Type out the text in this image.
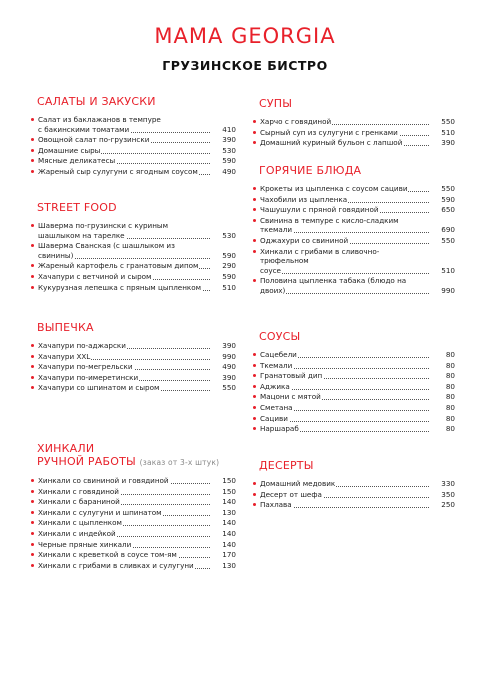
MAMA GEORGIA
ГРУЗИНСКОЕ БИСТРО
САЛАТЫ И ЗАКУСКИ
Салат из баклажанов в темпуре
с бакинскими томатами	410
Овощной салат по-грузински	390
Домашние сыры	530
Мясные деликатесы	590
Жареный сыр сулугуни с ягодным соусом	490
STREET FOOD
Шаверма по-грузински с куриным
шашлыком на тарелке	530
Шаверма Сванская (с шашлыком из
свинины)	590
Жареный картофель с гранатовым дипом	290
Хачапури с ветчиной и сыром	590
Кукурузная лепешка с пряным цыпленком	510
ВЫПЕЧКА
Хачапури по-аджарски	390
Хачапури XXL	990
Хачапури по-мегрельски	490
Хачапури по-имеретински	390
Хачапури со шпинатом и сыром	550
ХИНКАЛИ
РУЧНОЙ РАБОТЫ (заказ от 3-х штук)
Хинкали со свининой и говядиной	150
Хинкали с говядиной	150
Хинкали с бараниной	140
Хинкали с сулугуни и шпинатом	130
Хинкали с цыпленком	140
Хинкали с индейкой	140
Черные пряные хинкали	140
Хинкали с креветкой в соусе том-ям	170
Хинкали с грибами в сливках и сулугуни	130
СУПЫ
Харчо с говядиной	550
Сырный суп из сулугуни с гренками	510
Домашний куриный бульон с лапшой	390
ГОРЯЧИЕ БЛЮДА
Крокеты из цыпленка с соусом сациви	550
Чахобили из цыпленка	590
Чашушули с пряной говядиной	650
Свинина в темпуре с кисло-сладким
ткемали	690
Оджахури со свининой	550
Хинкали с грибами в сливочно-трюфельном
соусе	510
Половина цыпленка табака (блюдо на
двоих)	990
СОУСЫ
Сацебели	80
Ткемали	80
Гранатовый дип	80
Аджика	80
Мацони с мятой	80
Сметана	80
Сациви	80
Наршараб	80
ДЕСЕРТЫ
Домашний медовик	330
Десерт от шефа	350
Пахлава	250
